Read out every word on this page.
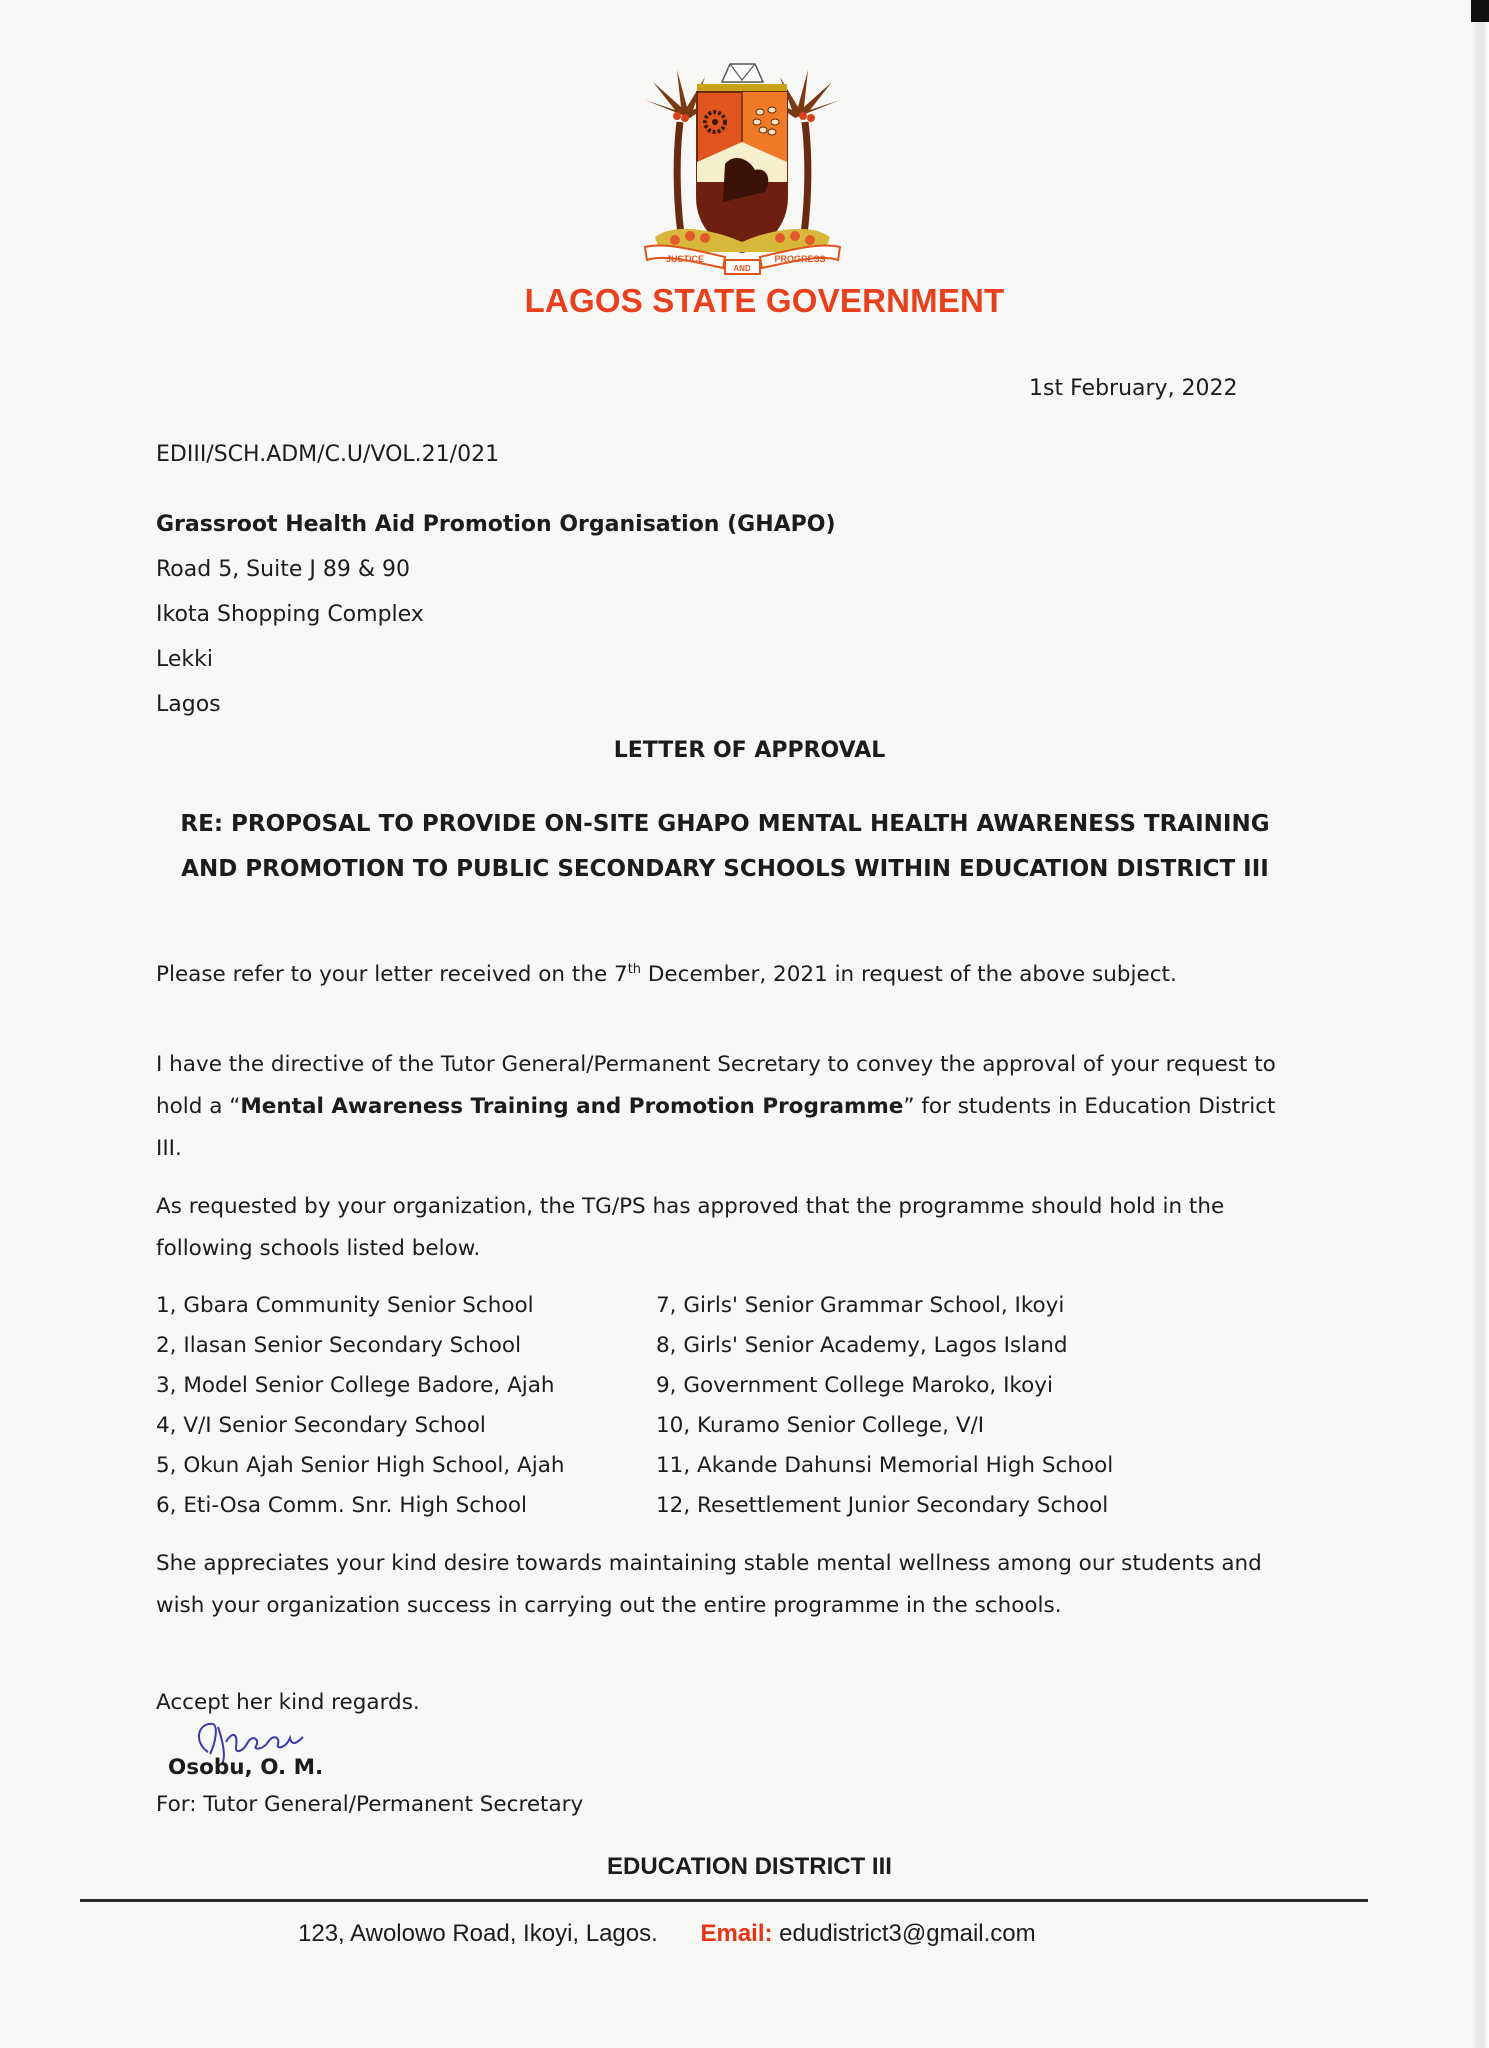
JUSTICE
AND
PROGRESS
LAGOS STATE GOVERNMENT
1st February, 2022
EDIII/SCH.ADM/C.U/VOL.21/021
Grassroot Health Aid Promotion Organisation (GHAPO)
Road 5, Suite J 89 & 90
Ikota Shopping Complex
Lekki
Lagos
LETTER OF APPROVAL
RE: PROPOSAL TO PROVIDE ON-SITE GHAPO MENTAL HEALTH AWARENESS TRAINING AND PROMOTION TO PUBLIC SECONDARY SCHOOLS WITHIN EDUCATION DISTRICT III
Please refer to your letter received on the 7th December, 2021 in request of the above subject.
I have the directive of the Tutor General/Permanent Secretary to convey the approval of your request to hold a “Mental Awareness Training and Promotion Programme” for students in Education District III.
As requested by your organization, the TG/PS has approved that the programme should hold in the following schools listed below.
1, Gbara Community Senior School	7, Girls' Senior Grammar School, Ikoyi
2, Ilasan Senior Secondary School	8, Girls' Senior Academy, Lagos Island
3, Model Senior College Badore, Ajah	9, Government College Maroko, Ikoyi
4, V/I Senior Secondary School	10, Kuramo Senior College, V/I
5, Okun Ajah Senior High School, Ajah	11, Akande Dahunsi Memorial High School
6, Eti-Osa Comm. Snr. High School	12, Resettlement Junior Secondary School
She appreciates your kind desire towards maintaining stable mental wellness among our students and wish your organization success in carrying out the entire programme in the schools.
Accept her kind regards.
Osobu, O. M.
For: Tutor General/Permanent Secretary
EDUCATION DISTRICT III
123, Awolowo Road, Ikoyi, Lagos. Email: edudistrict3@gmail.com
